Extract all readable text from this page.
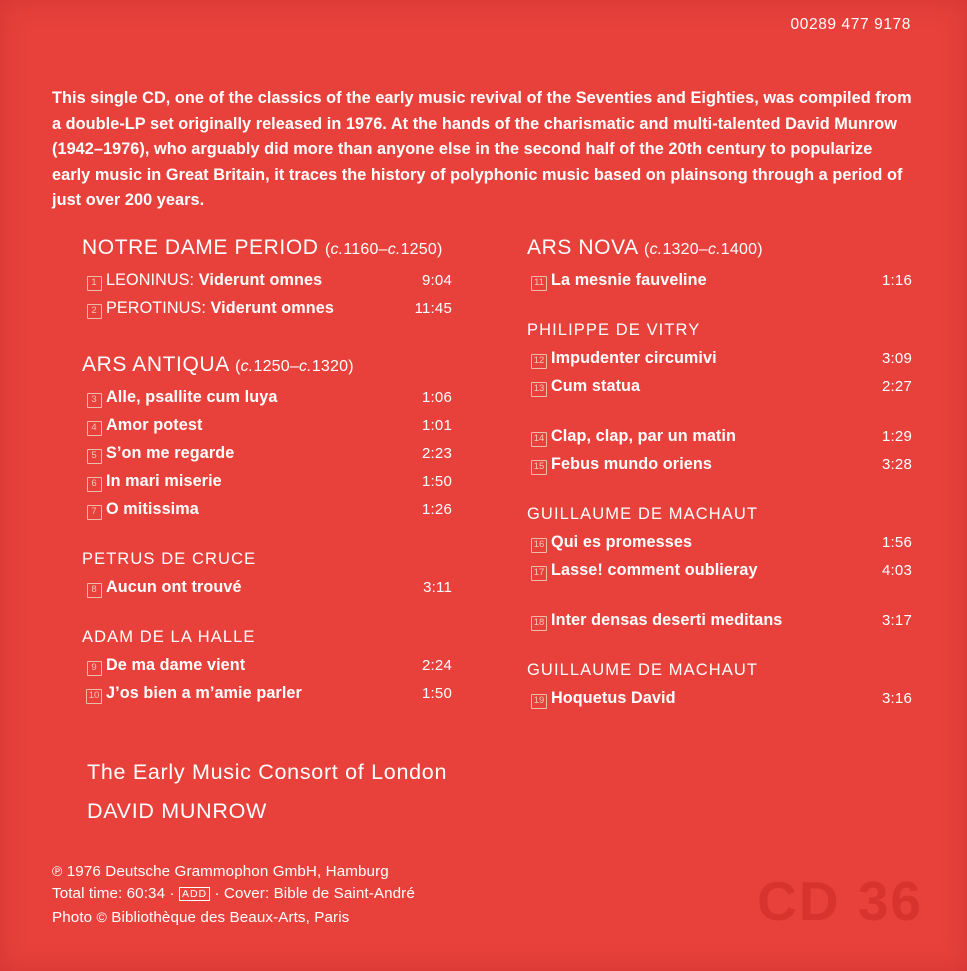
00289 477 9178
This single CD, one of the classics of the early music revival of the Seventies and Eighties, was compiled from a double-LP set originally released in 1976. At the hands of the charismatic and multi-talented David Munrow (1942–1976), who arguably did more than anyone else in the second half of the 20th century to popularize early music in Great Britain, it traces the history of polyphonic music based on plainsong through a period of just over 200 years.
NOTRE DAME PERIOD (c.1160–c.1250)
1 LEONINUS: Viderunt omnes	9:04
2 PEROTINUS: Viderunt omnes	11:45
ARS ANTIQUA (c.1250–c.1320)
3 Alle, psallite cum luya	1:06
4 Amor potest	1:01
5 S’on me regarde	2:23
6 In mari miserie	1:50
7 O mitissima	1:26
PETRUS DE CRUCE
8 Aucun ont trouvé	3:11
ADAM DE LA HALLE
9 De ma dame vient	2:24
10 J’os bien a m’amie parler	1:50
ARS NOVA (c.1320–c.1400)
11 La mesnie fauveline	1:16
PHILIPPE DE VITRY
12 Impudenter circumivi	3:09
13 Cum statua	2:27
14 Clap, clap, par un matin	1:29
15 Febus mundo oriens	3:28
GUILLAUME DE MACHAUT
16 Qui es promesses	1:56
17 Lasse! comment oublieray	4:03
18 Inter densas deserti meditans	3:17
GUILLAUME DE MACHAUT
19 Hoquetus David	3:16
The Early Music Consort of London
DAVID MUNROW
℗ 1976 Deutsche Grammophon GmbH, Hamburg
Total time: 60:34 · ADD · Cover: Bible de Saint-André
Photo © Bibliothèque des Beaux-Arts, Paris	CD 36
